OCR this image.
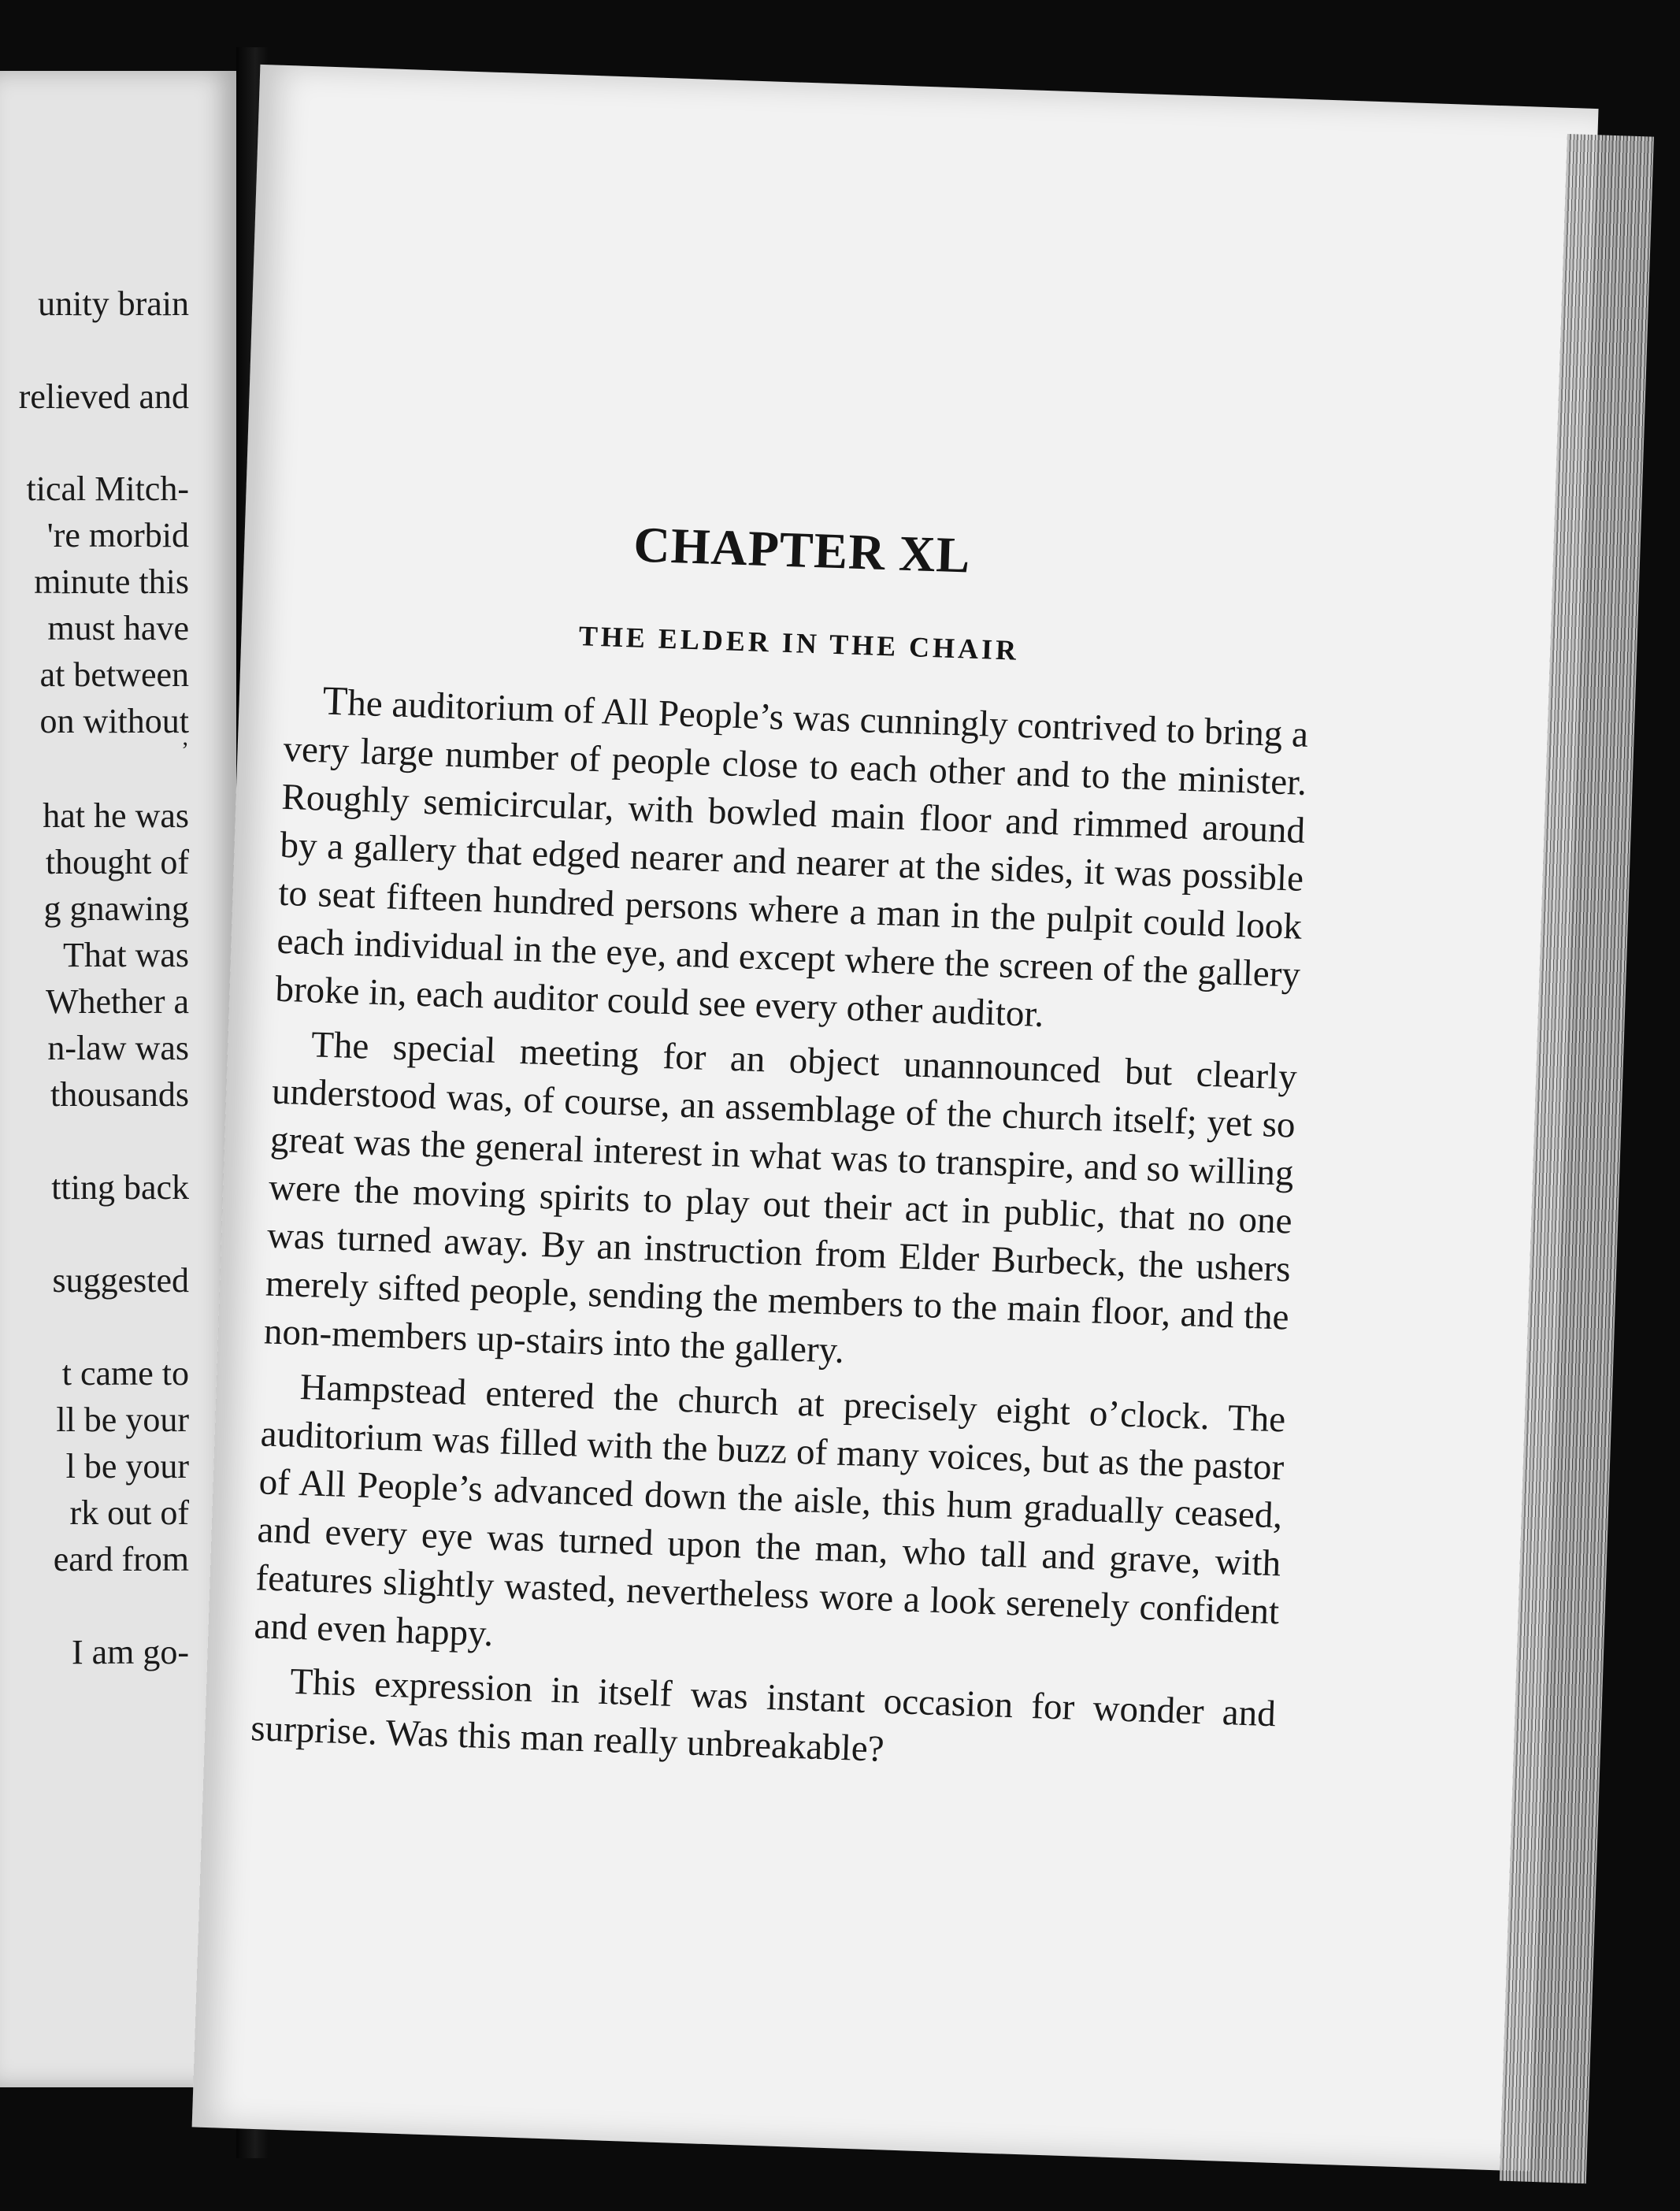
unity brain
relieved and
tical Mitch-
're morbid
minute this
must have
at between
on without
’
hat he was
thought of
g gnawing
That was
Whether a
n-law was
thousands
tting back
suggested
t came to
ll be your
l be your
rk out of
eard from
I am go-
CHAPTER XL
THE ELDER IN THE CHAIR

The auditorium of All People’s was cunningly contrived to bring a very large number of people close to each other and to the minister. Roughly semicircular, with bowled main floor and rimmed around by a gallery that edged nearer and nearer at the sides, it was possible to seat fifteen hundred persons where a man in the pulpit could look each individual in the eye, and except where the screen of the gallery broke in, each auditor could see every other auditor.

The special meeting for an object unannounced but clearly understood was, of course, an assemblage of the church itself; yet so great was the general interest in what was to transpire, and so willing were the moving spirits to play out their act in public, that no one was turned away. By an instruction from Elder Burbeck, the ushers merely sifted people, sending the members to the main floor, and the non-members up-stairs into the gallery.

Hampstead entered the church at precisely eight o’clock. The auditorium was filled with the buzz of many voices, but as the pastor of All People’s advanced down the aisle, this hum gradually ceased, and every eye was turned upon the man, who tall and grave, with features slightly wasted, nevertheless wore a look serenely confident and even happy.

This expression in itself was instant occasion for wonder and surprise. Was this man really unbreakable?
